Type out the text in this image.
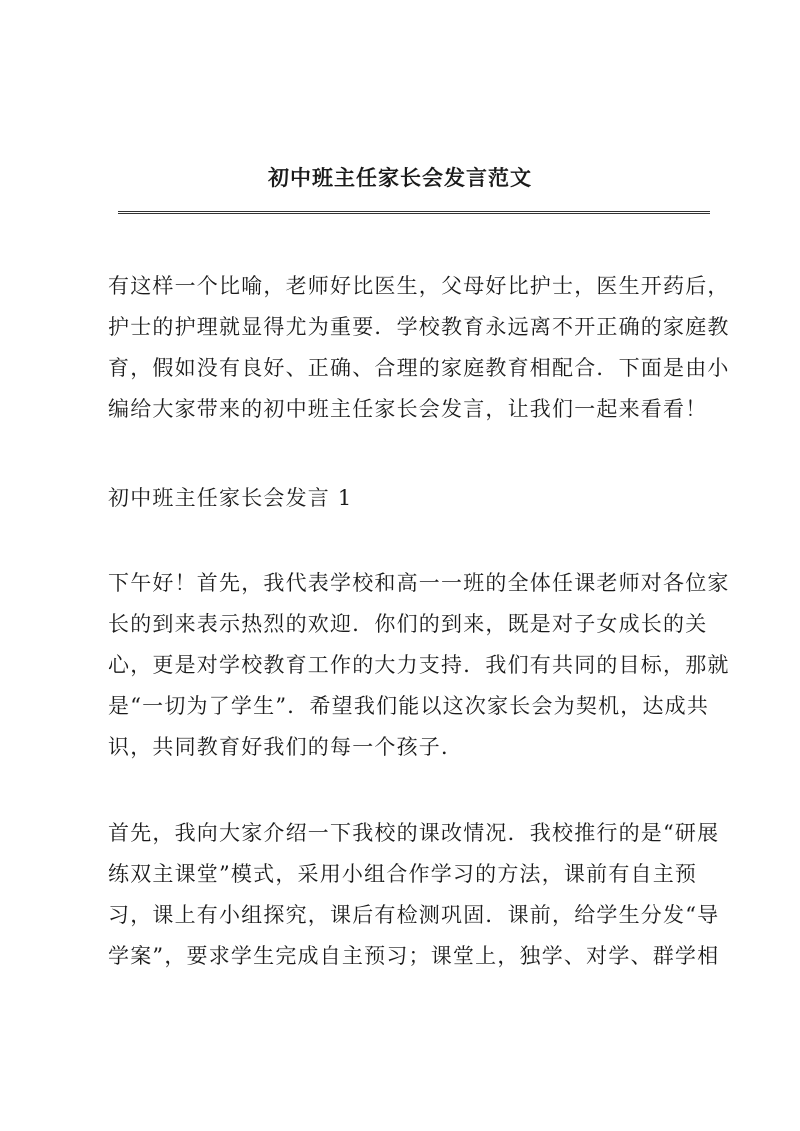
初中班主任家长会发言范文
有这样一个比喻，老师好比医生，父母好比护士，医生开药后，
护士的护理就显得尤为重要．学校教育永远离不开正确的家庭教
育，假如没有良好、正确、合理的家庭教育相配合．下面是由小
编给大家带来的初中班主任家长会发言，让我们一起来看看！
初中班主任家长会发言 1
下午好！首先，我代表学校和高一一班的全体任课老师对各位家
长的到来表示热烈的欢迎．你们的到来，既是对子女成长的关
心，更是对学校教育工作的大力支持．我们有共同的目标，那就
是“一切为了学生”．希望我们能以这次家长会为契机，达成共
识，共同教育好我们的每一个孩子．
首先，我向大家介绍一下我校的课改情况．我校推行的是“研展
练双主课堂”模式，采用小组合作学习的方法，课前有自主预
习，课上有小组探究，课后有检测巩固．课前，给学生分发“导
学案”，要求学生完成自主预习；课堂上，独学、对学、群学相
